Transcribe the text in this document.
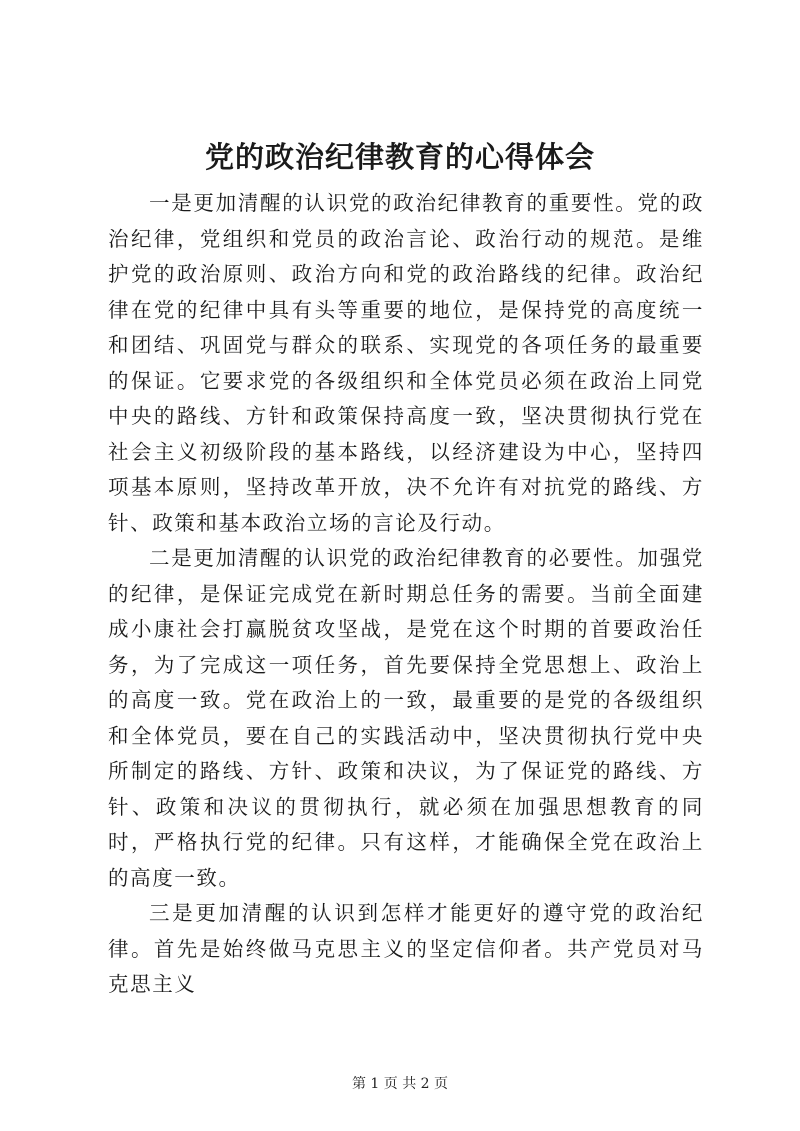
党的政治纪律教育的心得体会

一是更加清醒的认识党的政治纪律教育的重要性。党的政治纪律，党组织和党员的政治言论、政治行动的规范。是维护党的政治原则、政治方向和党的政治路线的纪律。政治纪律在党的纪律中具有头等重要的地位，是保持党的高度统一和团结、巩固党与群众的联系、实现党的各项任务的最重要的保证。它要求党的各级组织和全体党员必须在政治上同党中央的路线、方针和政策保持高度一致，坚决贯彻执行党在社会主义初级阶段的基本路线，以经济建设为中心，坚持四项基本原则，坚持改革开放，决不允许有对抗党的路线、方针、政策和基本政治立场的言论及行动。

二是更加清醒的认识党的政治纪律教育的必要性。加强党的纪律，是保证完成党在新时期总任务的需要。当前全面建成小康社会打赢脱贫攻坚战，是党在这个时期的首要政治任务，为了完成这一项任务，首先要保持全党思想上、政治上的高度一致。党在政治上的一致，最重要的是党的各级组织和全体党员，要在自己的实践活动中，坚决贯彻执行党中央所制定的路线、方针、政策和决议，为了保证党的路线、方针、政策和决议的贯彻执行，就必须在加强思想教育的同时，严格执行党的纪律。只有这样，才能确保全党在政治上的高度一致。

三是更加清醒的认识到怎样才能更好的遵守党的政治纪律。首先是始终做马克思主义的坚定信仰者。共产党员对马克思主义

第 1 页 共 2 页
